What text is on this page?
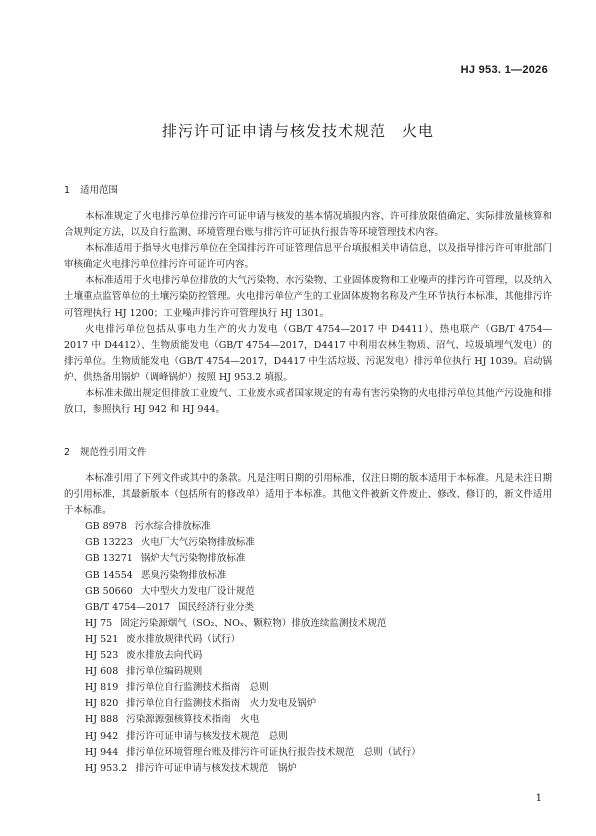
HJ 953. 1—2026
排污许可证申请与核发技术规范 火电
1 适用范围

本标准规定了火电排污单位排污许可证申请与核发的基本情况填报内容、许可排放限值确定、实际排放量核算和合规判定方法，以及自行监测、环境管理台账与排污许可证执行报告等环境管理技术内容。

本标准适用于指导火电排污单位在全国排污许可证管理信息平台填报相关申请信息，以及指导排污许可审批部门审核确定火电排污单位排污许可证许可内容。

本标准适用于火电排污单位排放的大气污染物、水污染物、工业固体废物和工业噪声的排污许可管理，以及纳入土壤重点监管单位的土壤污染防控管理。火电排污单位产生的工业固体废物名称及产生环节执行本标准，其他排污许可管理执行 HJ 1200；工业噪声排污许可管理执行 HJ 1301。

火电排污单位包括从事电力生产的火力发电（GB/T 4754—2017 中 D4411）、热电联产（GB/T 4754—2017 中 D4412）、生物质能发电（GB/T 4754—2017，D4417 中利用农林生物质、沼气、垃圾填埋气发电）的排污单位。生物质能发电（GB/T 4754—2017，D4417 中生活垃圾、污泥发电）排污单位执行 HJ 1039。启动锅炉、供热备用锅炉（调峰锅炉）按照 HJ 953.2 填报。

本标准未做出规定但排放工业废气、工业废水或者国家规定的有毒有害污染物的火电排污单位其他产污设施和排放口，参照执行 HJ 942 和 HJ 944。

2 规范性引用文件

本标准引用了下列文件或其中的条款。凡是注明日期的引用标准，仅注日期的版本适用于本标准。凡是未注日期的引用标准，其最新版本（包括所有的修改单）适用于本标准。其他文件被新文件废止、修改、修订的，新文件适用于本标准。

GB 8978 污水综合排放标准
GB 13223 火电厂大气污染物排放标准
GB 13271 锅炉大气污染物排放标准
GB 14554 恶臭污染物排放标准
GB 50660 大中型火力发电厂设计规范
GB/T 4754—2017 国民经济行业分类
HJ 75 固定污染源烟气（SO₂、NOₓ、颗粒物）排放连续监测技术规范
HJ 521 废水排放规律代码（试行）
HJ 523 废水排放去向代码
HJ 608 排污单位编码规则
HJ 819 排污单位自行监测技术指南　总则
HJ 820 排污单位自行监测技术指南　火力发电及锅炉
HJ 888 污染源源强核算技术指南　火电
HJ 942 排污许可证申请与核发技术规范　总则
HJ 944 排污单位环境管理台账及排污许可证执行报告技术规范　总则（试行）
HJ 953.2 排污许可证申请与核发技术规范　锅炉
1
